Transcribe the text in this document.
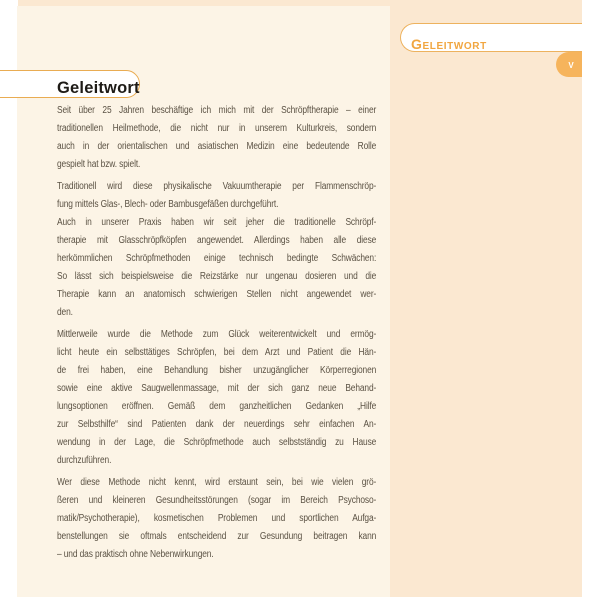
Geleitwort
Geleitwort
v
Seit über 25 Jahren beschäftige ich mich mit der Schröpftherapie – einer
traditionellen Heilmethode, die nicht nur in unserem Kulturkreis, sondern
auch in der orientalischen und asiatischen Medizin eine bedeutende Rolle
gespielt hat bzw. spielt.
Traditionell wird diese physikalische Vakuumtherapie per Flammenschröp-
fung mittels Glas-, Blech- oder Bambusgefäßen durchgeführt.
Auch in unserer Praxis haben wir seit jeher die traditionelle Schröpf-
therapie mit Glasschröpfköpfen angewendet. Allerdings haben alle diese
herkömmlichen Schröpfmethoden einige technisch bedingte Schwächen:
So lässt sich beispielsweise die Reizstärke nur ungenau dosieren und die
Therapie kann an anatomisch schwierigen Stellen nicht angewendet wer-
den.
Mittlerweile wurde die Methode zum Glück weiterentwickelt und ermög-
licht heute ein selbsttätiges Schröpfen, bei dem Arzt und Patient die Hän-
de frei haben, eine Behandlung bisher unzugänglicher Körperregionen
sowie eine aktive Saugwellenmassage, mit der sich ganz neue Behand-
lungsoptionen eröffnen. Gemäß dem ganzheitlichen Gedanken „Hilfe
zur Selbsthilfe“ sind Patienten dank der neuerdings sehr einfachen An-
wendung in der Lage, die Schröpfmethode auch selbstständig zu Hause
durchzuführen.
Wer diese Methode nicht kennt, wird erstaunt sein, bei wie vielen grö-
ßeren und kleineren Gesundheitsstörungen (sogar im Bereich Psychoso-
matik/Psychotherapie), kosmetischen Problemen und sportlichen Aufga-
benstellungen sie oftmals entscheidend zur Gesundung beitragen kann
– und das praktisch ohne Nebenwirkungen.
